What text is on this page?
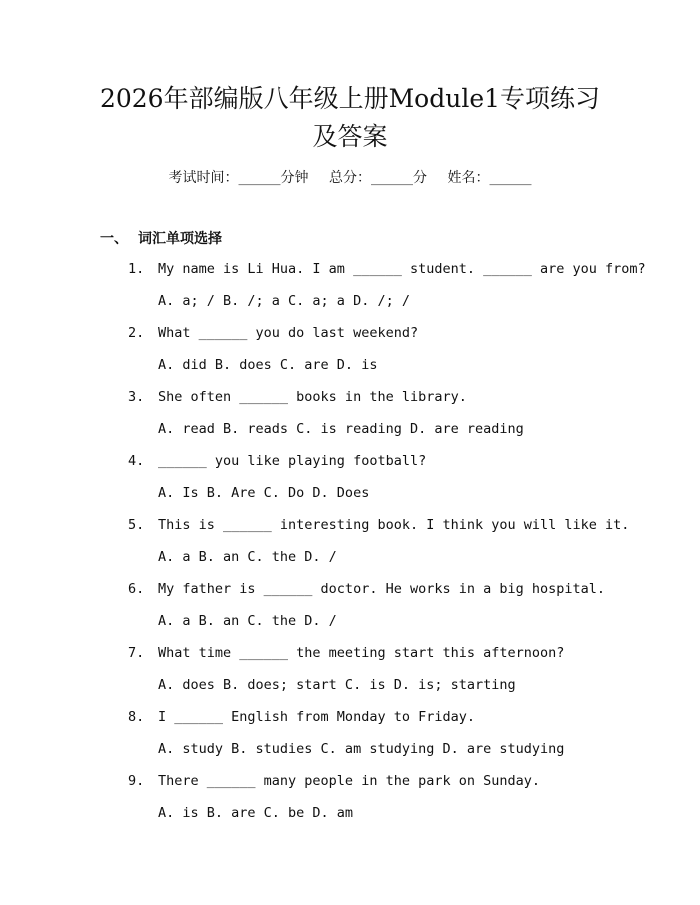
2026年部编版八年级上册Module1专项练习
及答案
考试时间：______分钟 总分：______分 姓名：______
一、 词汇单项选择
1. My name is Li Hua. I am ______ student. ______ are you from?
A. a; / B. /; a C. a; a D. /; /
2. What ______ you do last weekend?
A. did B. does C. are D. is
3. She often ______ books in the library.
A. read B. reads C. is reading D. are reading
4. ______ you like playing football?
A. Is B. Are C. Do D. Does
5. This is ______ interesting book. I think you will like it.
A. a B. an C. the D. /
6. My father is ______ doctor. He works in a big hospital.
A. a B. an C. the D. /
7. What time ______ the meeting start this afternoon?
A. does B. does; start C. is D. is; starting
8. I ______ English from Monday to Friday.
A. study B. studies C. am studying D. are studying
9. There ______ many people in the park on Sunday.
A. is B. are C. be D. am
